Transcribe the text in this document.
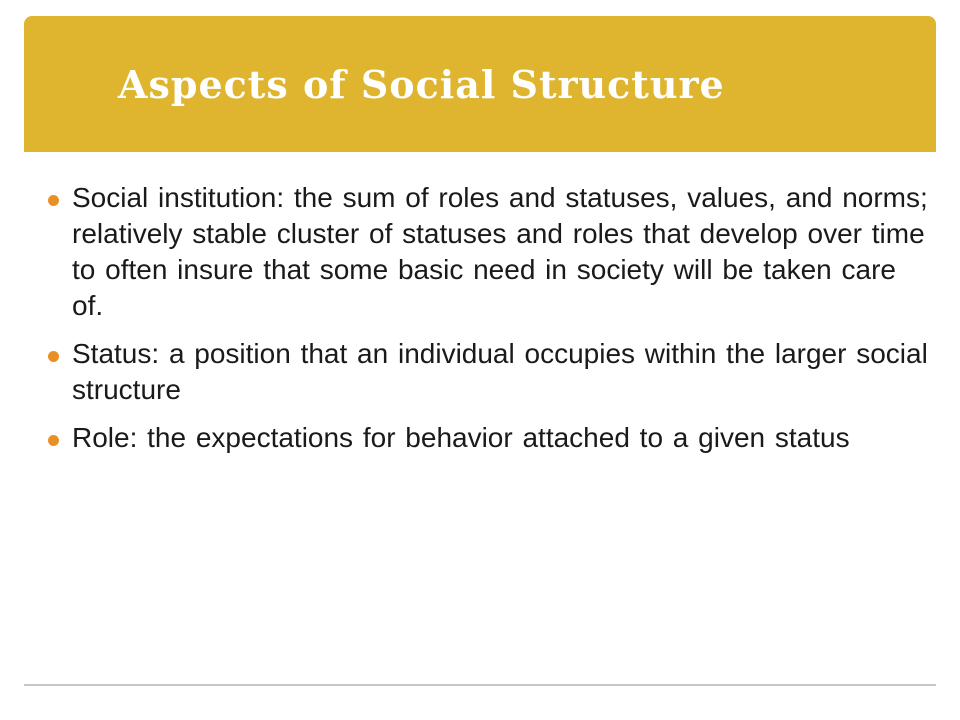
Aspects of Social Structure
Social institution: the sum of roles and statuses, values, and norms; relatively stable cluster of statuses and roles that develop over time to often insure that some basic need in society will be taken care of.
Status: a position that an individual occupies within the larger social structure
Role: the expectations for behavior attached to a given status
